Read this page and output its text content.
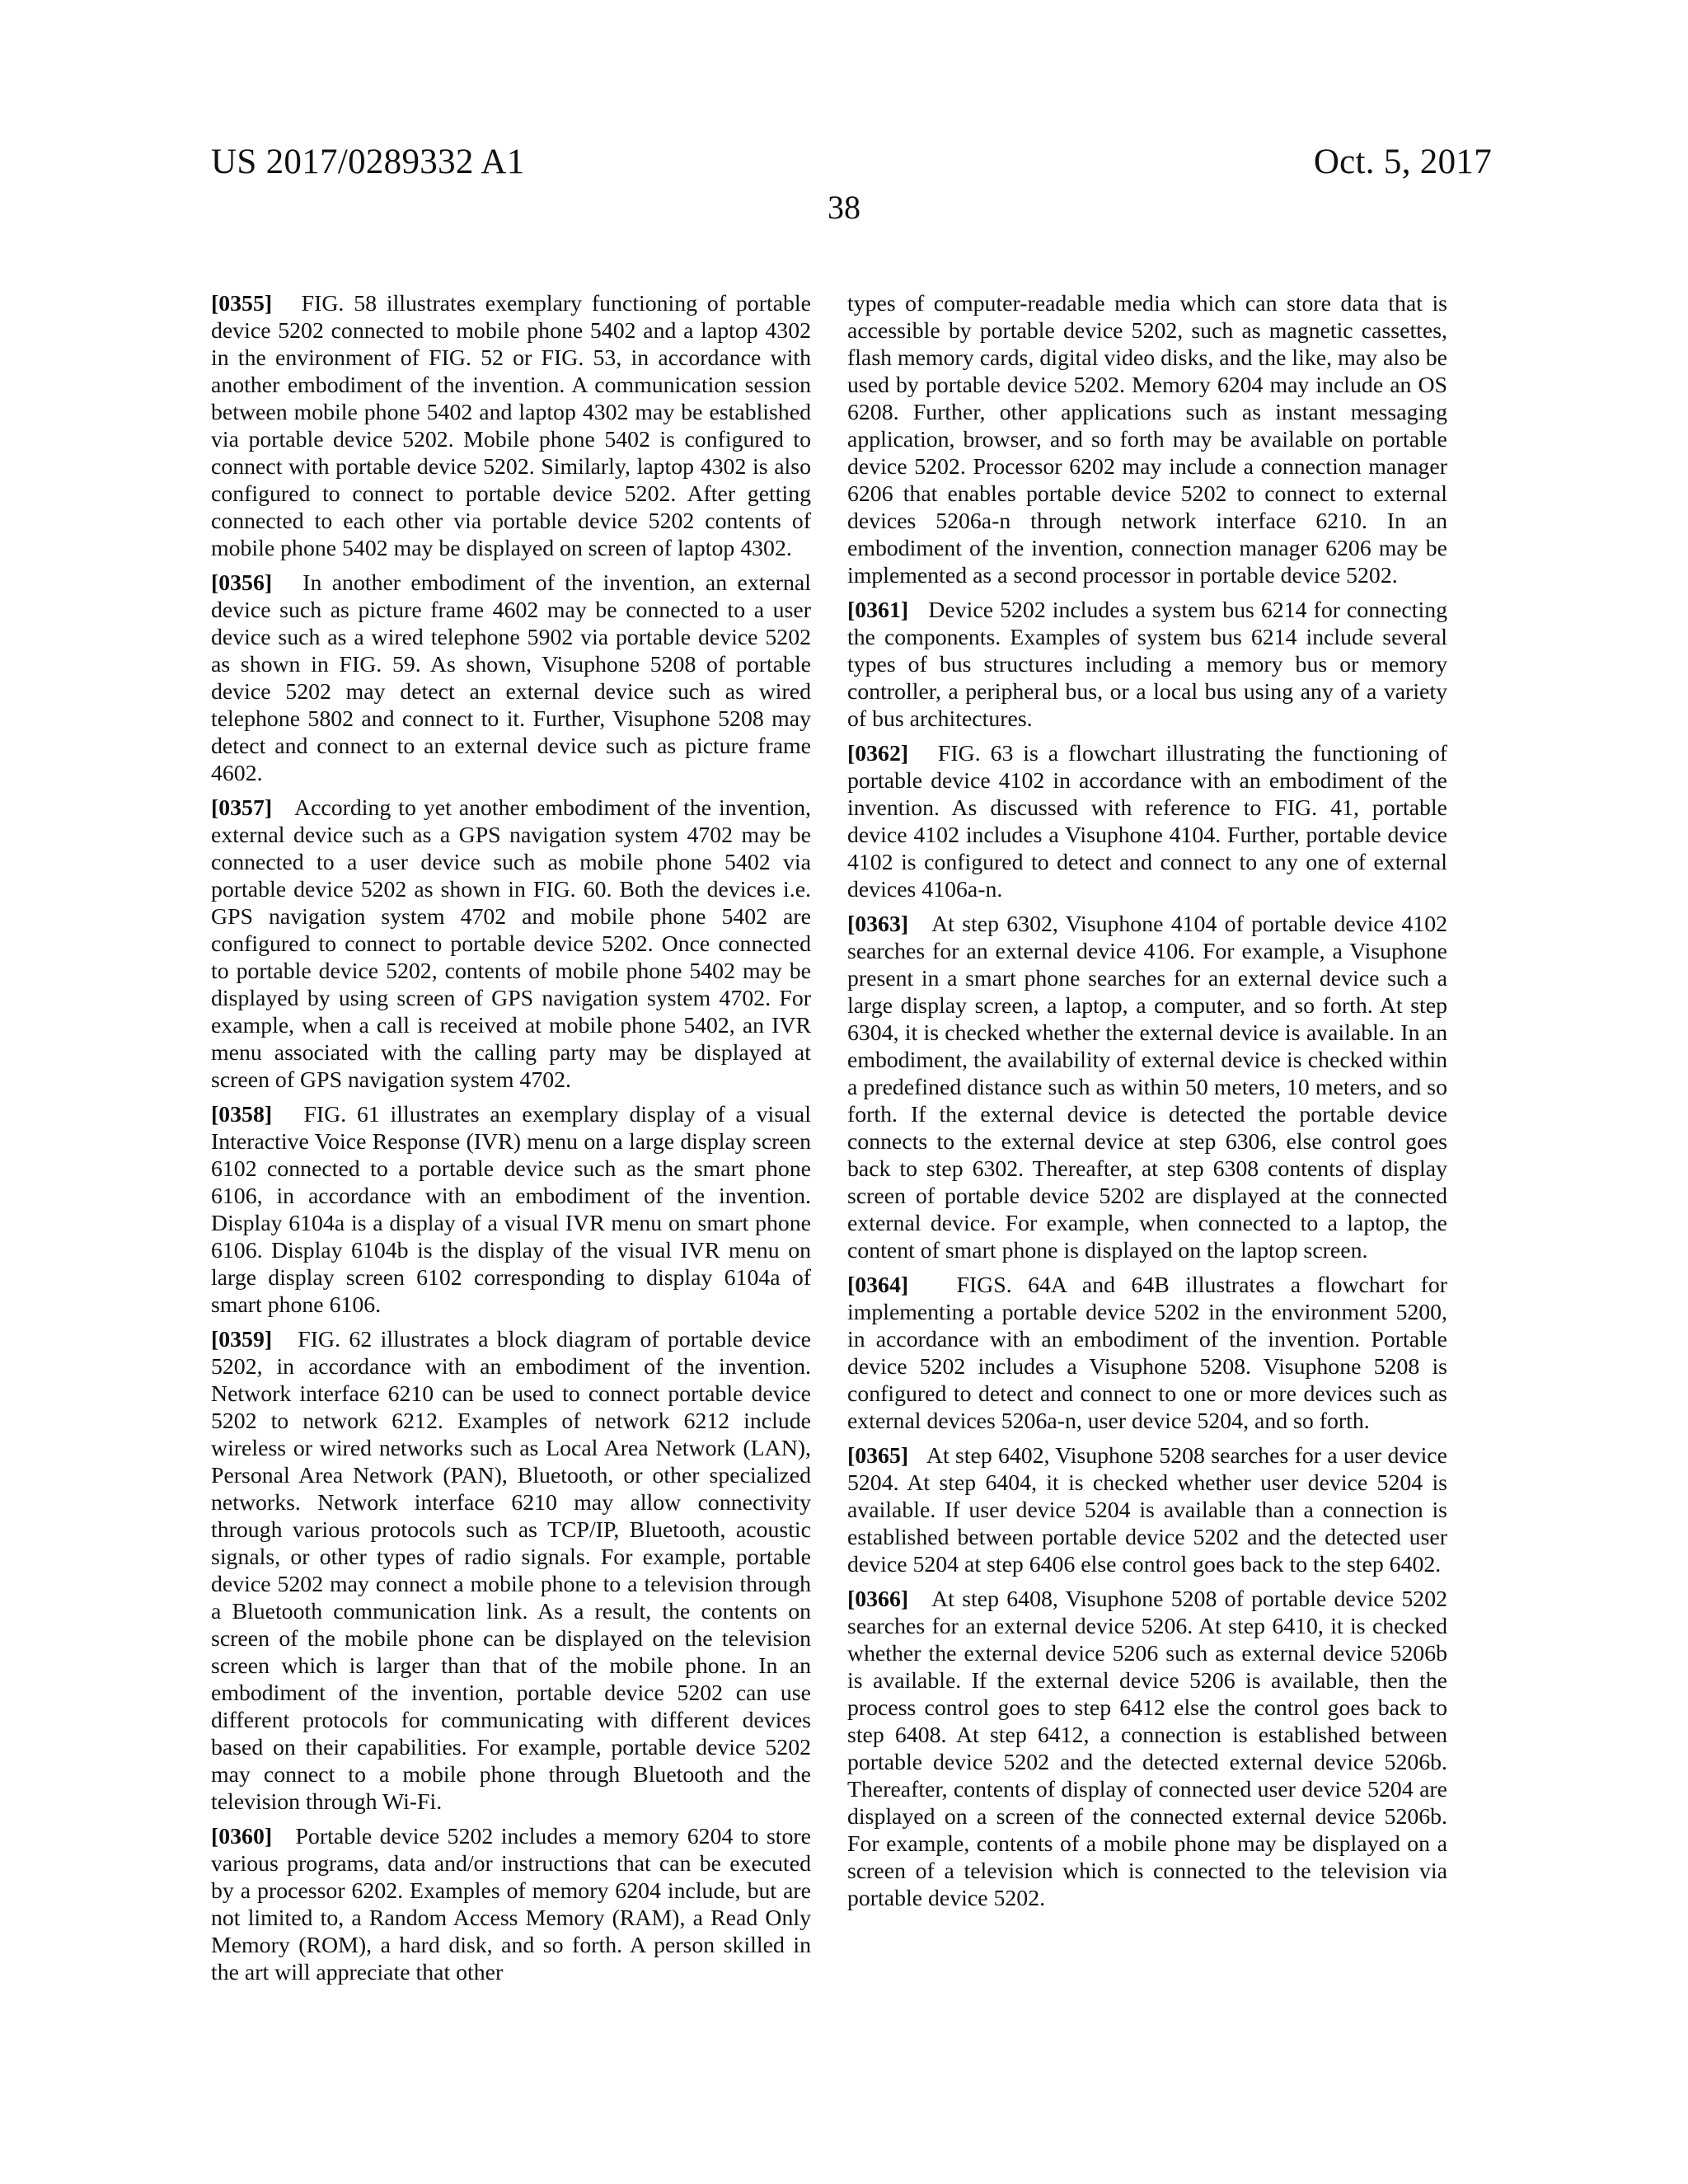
US 2017/0289332 A1	Oct. 5, 2017
38

[0355] FIG. 58 illustrates exemplary functioning of portable device 5202 connected to mobile phone 5402 and a laptop 4302 in the environment of FIG. 52 or FIG. 53, in accordance with another embodiment of the invention. A communication session between mobile phone 5402 and laptop 4302 may be established via portable device 5202. Mobile phone 5402 is configured to connect with portable device 5202. Similarly, laptop 4302 is also configured to connect to portable device 5202. After getting connected to each other via portable device 5202 contents of mobile phone 5402 may be displayed on screen of laptop 4302.

[0356] In another embodiment of the invention, an external device such as picture frame 4602 may be connected to a user device such as a wired telephone 5902 via portable device 5202 as shown in FIG. 59. As shown, Visuphone 5208 of portable device 5202 may detect an external device such as wired telephone 5802 and connect to it. Further, Visuphone 5208 may detect and connect to an external device such as picture frame 4602.

[0357] According to yet another embodiment of the invention, external device such as a GPS navigation system 4702 may be connected to a user device such as mobile phone 5402 via portable device 5202 as shown in FIG. 60. Both the devices i.e. GPS navigation system 4702 and mobile phone 5402 are configured to connect to portable device 5202. Once connected to portable device 5202, contents of mobile phone 5402 may be displayed by using screen of GPS navigation system 4702. For example, when a call is received at mobile phone 5402, an IVR menu associated with the calling party may be displayed at screen of GPS navigation system 4702.

[0358] FIG. 61 illustrates an exemplary display of a visual Interactive Voice Response (IVR) menu on a large display screen 6102 connected to a portable device such as the smart phone 6106, in accordance with an embodiment of the invention. Display 6104a is a display of a visual IVR menu on smart phone 6106. Display 6104b is the display of the visual IVR menu on large display screen 6102 corresponding to display 6104a of smart phone 6106.

[0359] FIG. 62 illustrates a block diagram of portable device 5202, in accordance with an embodiment of the invention. Network interface 6210 can be used to connect portable device 5202 to network 6212. Examples of network 6212 include wireless or wired networks such as Local Area Network (LAN), Personal Area Network (PAN), Bluetooth, or other specialized networks. Network interface 6210 may allow connectivity through various protocols such as TCP/IP, Bluetooth, acoustic signals, or other types of radio signals. For example, portable device 5202 may connect a mobile phone to a television through a Bluetooth communication link. As a result, the contents on screen of the mobile phone can be displayed on the television screen which is larger than that of the mobile phone. In an embodiment of the invention, portable device 5202 can use different protocols for communicating with different devices based on their capabilities. For example, portable device 5202 may connect to a mobile phone through Bluetooth and the television through Wi-Fi.

[0360] Portable device 5202 includes a memory 6204 to store various programs, data and/or instructions that can be executed by a processor 6202. Examples of memory 6204 include, but are not limited to, a Random Access Memory (RAM), a Read Only Memory (ROM), a hard disk, and so forth. A person skilled in the art will appreciate that other

types of computer-readable media which can store data that is accessible by portable device 5202, such as magnetic cassettes, flash memory cards, digital video disks, and the like, may also be used by portable device 5202. Memory 6204 may include an OS 6208. Further, other applications such as instant messaging application, browser, and so forth may be available on portable device 5202. Processor 6202 may include a connection manager 6206 that enables portable device 5202 to connect to external devices 5206a-n through network interface 6210. In an embodiment of the invention, connection manager 6206 may be implemented as a second processor in portable device 5202.

[0361] Device 5202 includes a system bus 6214 for connecting the components. Examples of system bus 6214 include several types of bus structures including a memory bus or memory controller, a peripheral bus, or a local bus using any of a variety of bus architectures.

[0362] FIG. 63 is a flowchart illustrating the functioning of portable device 4102 in accordance with an embodiment of the invention. As discussed with reference to FIG. 41, portable device 4102 includes a Visuphone 4104. Further, portable device 4102 is configured to detect and connect to any one of external devices 4106a-n.

[0363] At step 6302, Visuphone 4104 of portable device 4102 searches for an external device 4106. For example, a Visuphone present in a smart phone searches for an external device such a large display screen, a laptop, a computer, and so forth. At step 6304, it is checked whether the external device is available. In an embodiment, the availability of external device is checked within a predefined distance such as within 50 meters, 10 meters, and so forth. If the external device is detected the portable device connects to the external device at step 6306, else control goes back to step 6302. Thereafter, at step 6308 contents of display screen of portable device 5202 are displayed at the connected external device. For example, when connected to a laptop, the content of smart phone is displayed on the laptop screen.

[0364] FIGS. 64A and 64B illustrates a flowchart for implementing a portable device 5202 in the environment 5200, in accordance with an embodiment of the invention. Portable device 5202 includes a Visuphone 5208. Visuphone 5208 is configured to detect and connect to one or more devices such as external devices 5206a-n, user device 5204, and so forth.

[0365] At step 6402, Visuphone 5208 searches for a user device 5204. At step 6404, it is checked whether user device 5204 is available. If user device 5204 is available than a connection is established between portable device 5202 and the detected user device 5204 at step 6406 else control goes back to the step 6402.

[0366] At step 6408, Visuphone 5208 of portable device 5202 searches for an external device 5206. At step 6410, it is checked whether the external device 5206 such as external device 5206b is available. If the external device 5206 is available, then the process control goes to step 6412 else the control goes back to step 6408. At step 6412, a connection is established between portable device 5202 and the detected external device 5206b. Thereafter, contents of display of connected user device 5204 are displayed on a screen of the connected external device 5206b. For example, contents of a mobile phone may be displayed on a screen of a television which is connected to the television via portable device 5202.
